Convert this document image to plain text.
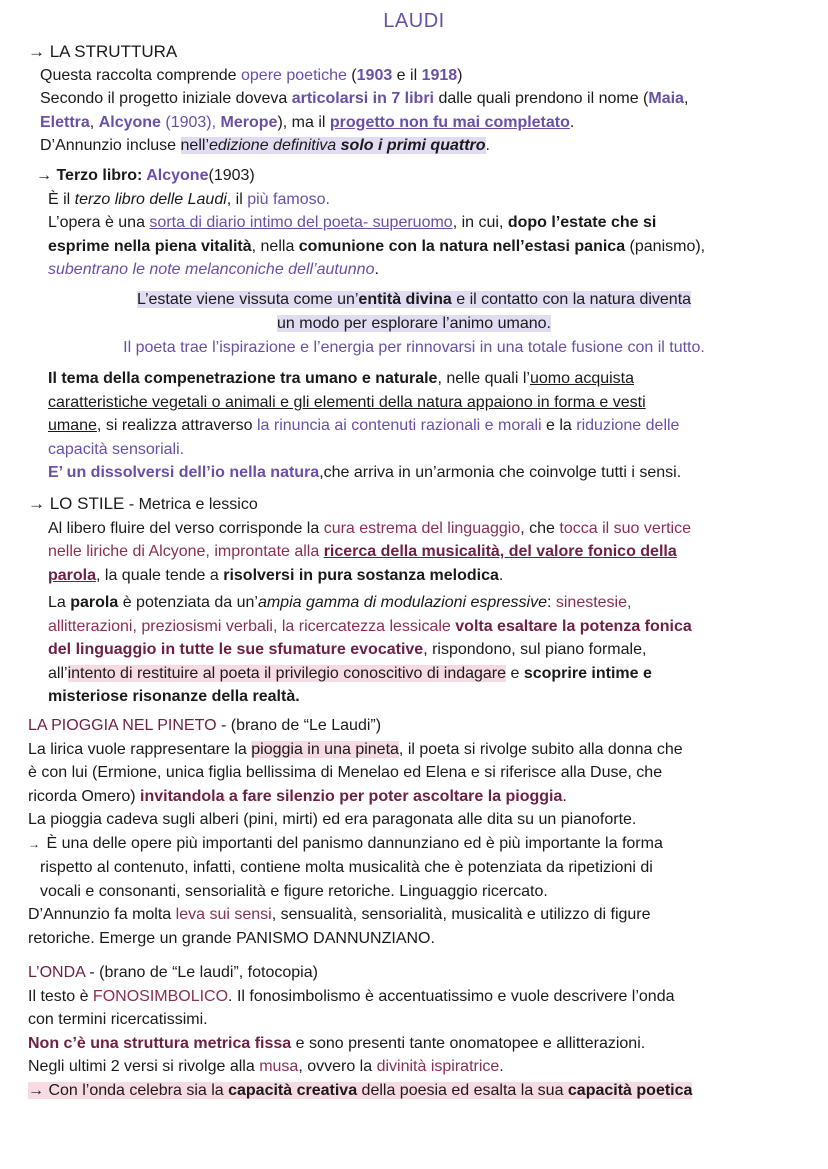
LAUDI

→ LA STRUTTURA

Questa raccolta comprende opere poetiche (1903 e il 1918)

Secondo il progetto iniziale doveva articolarsi in 7 libri dalle quali prendono il nome (Maia,

Elettra, Alcyone (1903), Merope), ma il progetto non fu mai completato.

D’Annunzio incluse nell’edizione definitiva solo i primi quattro.

→ Terzo libro: Alcyone(1903)

È il terzo libro delle Laudi, il più famoso.

L’opera è una sorta di diario intimo del poeta- superuomo, in cui, dopo l’estate che si

esprime nella piena vitalità, nella comunione con la natura nell’estasi panica (panismo),

subentrano le note melanconiche dell’autunno.

L’estate viene vissuta come un’entità divina e il contatto con la natura diventa

un modo per esplorare l’animo umano.

Il poeta trae l’ispirazione e l’energia per rinnovarsi in una totale fusione con il tutto.

Il tema della compenetrazione tra umano e naturale, nelle quali l’uomo acquista

caratteristiche vegetali o animali e gli elementi della natura appaiono in forma e vesti

umane, si realizza attraverso la rinuncia ai contenuti razionali e morali e la riduzione delle

capacità sensoriali.

E’ un dissolversi dell’io nella natura,che arriva in un’armonia che coinvolge tutti i sensi.

→ LO STILE - Metrica e lessico

Al libero fluire del verso corrisponde la cura estrema del linguaggio, che tocca il suo vertice

nelle liriche di Alcyone, improntate alla ricerca della musicalità, del valore fonico della

parola, la quale tende a risolversi in pura sostanza melodica.

La parola è potenziata da un’ampia gamma di modulazioni espressive: sinestesie,

allitterazioni, preziosismi verbali, la ricercatezza lessicale volta esaltare la potenza fonica

del linguaggio in tutte le sue sfumature evocative, rispondono, sul piano formale,

all’intento di restituire al poeta il privilegio conoscitivo di indagare e scoprire intime e

misteriose risonanze della realtà.

LA PIOGGIA NEL PINETO - (brano de “Le Laudi”)

La lirica vuole rappresentare la pioggia in una pineta, il poeta si rivolge subito alla donna che

è con lui (Ermione, unica figlia bellissima di Menelao ed Elena e si riferisce alla Duse, che

ricorda Omero) invitandola a fare silenzio per poter ascoltare la pioggia.

La pioggia cadeva sugli alberi (pini, mirti) ed era paragonata alle dita su un pianoforte.

→ È una delle opere più importanti del panismo dannunziano ed è più importante la forma

rispetto al contenuto, infatti, contiene molta musicalità che è potenziata da ripetizioni di

vocali e consonanti, sensorialità e figure retoriche. Linguaggio ricercato.

D’Annunzio fa molta leva sui sensi, sensualità, sensorialità, musicalità e utilizzo di figure

retoriche. Emerge un grande PANISMO DANNUNZIANO.

L’ONDA - (brano de “Le laudi”, fotocopia)

Il testo è FONOSIMBOLICO. Il fonosimbolismo è accentuatissimo e vuole descrivere l’onda

con termini ricercatissimi.

Non c’è una struttura metrica fissa e sono presenti tante onomatopee e allitterazioni.

Negli ultimi 2 versi si rivolge alla musa, ovvero la divinità ispiratrice.

→ Con l’onda celebra sia la capacità creativa della poesia ed esalta la sua capacità poetica
